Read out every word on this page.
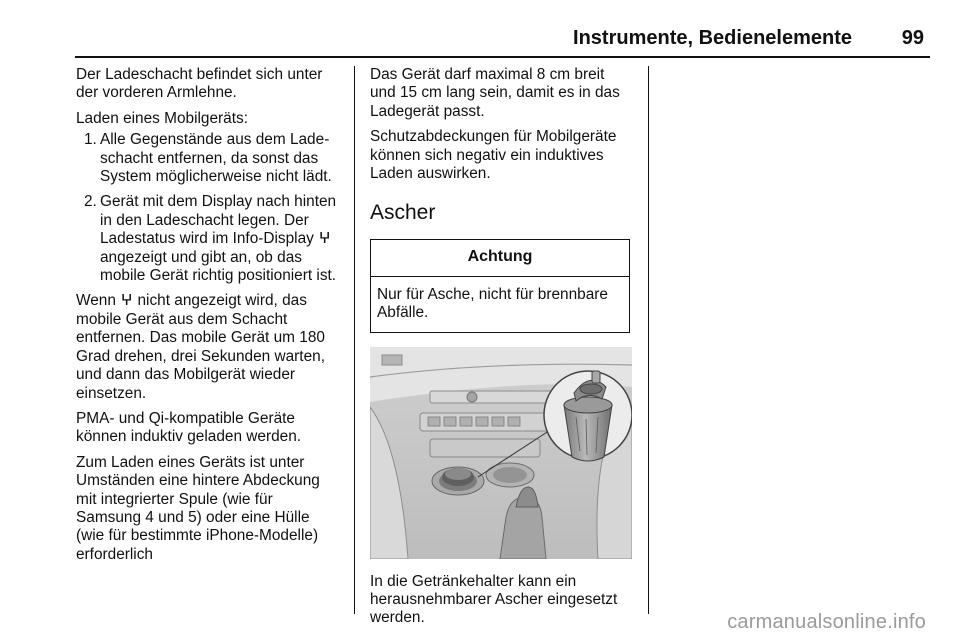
Instrumente, Bedienelemente 99

Der Ladeschacht befindet sich unter der vorderen Armlehne.

Laden eines Mobilgeräts:

1. Alle Gegenstände aus dem Ladeschacht entfernen, da sonst das System möglicherweise nicht lädt.
2. Gerät mit dem Display nach hinten in den Ladeschacht legen. Der Ladestatus wird im Info-Display ⵖ angezeigt und gibt an, ob das mobile Gerät richtig positioniert ist.

Wenn ⵖ nicht angezeigt wird, das mobile Gerät aus dem Schacht entfernen. Das mobile Gerät um 180 Grad drehen, drei Sekunden warten, und dann das Mobilgerät wieder einsetzen.

PMA- und Qi-kompatible Geräte können induktiv geladen werden.

Zum Laden eines Geräts ist unter Umständen eine hintere Abdeckung mit integrierter Spule (wie für Samsung 4 und 5) oder eine Hülle (wie für bestimmte iPhone-Modelle) erforderlich

Das Gerät darf maximal 8 cm breit und 15 cm lang sein, damit es in das Ladegerät passt.

Schutzabdeckungen für Mobilgeräte können sich negativ ein induktives Laden auswirken.

Ascher
Achtung
Nur für Asche, nicht für brennbare Abfälle.

In die Getränkehalter kann ein herausnehmbarer Ascher eingesetzt werden.	carmanualsonline.info
